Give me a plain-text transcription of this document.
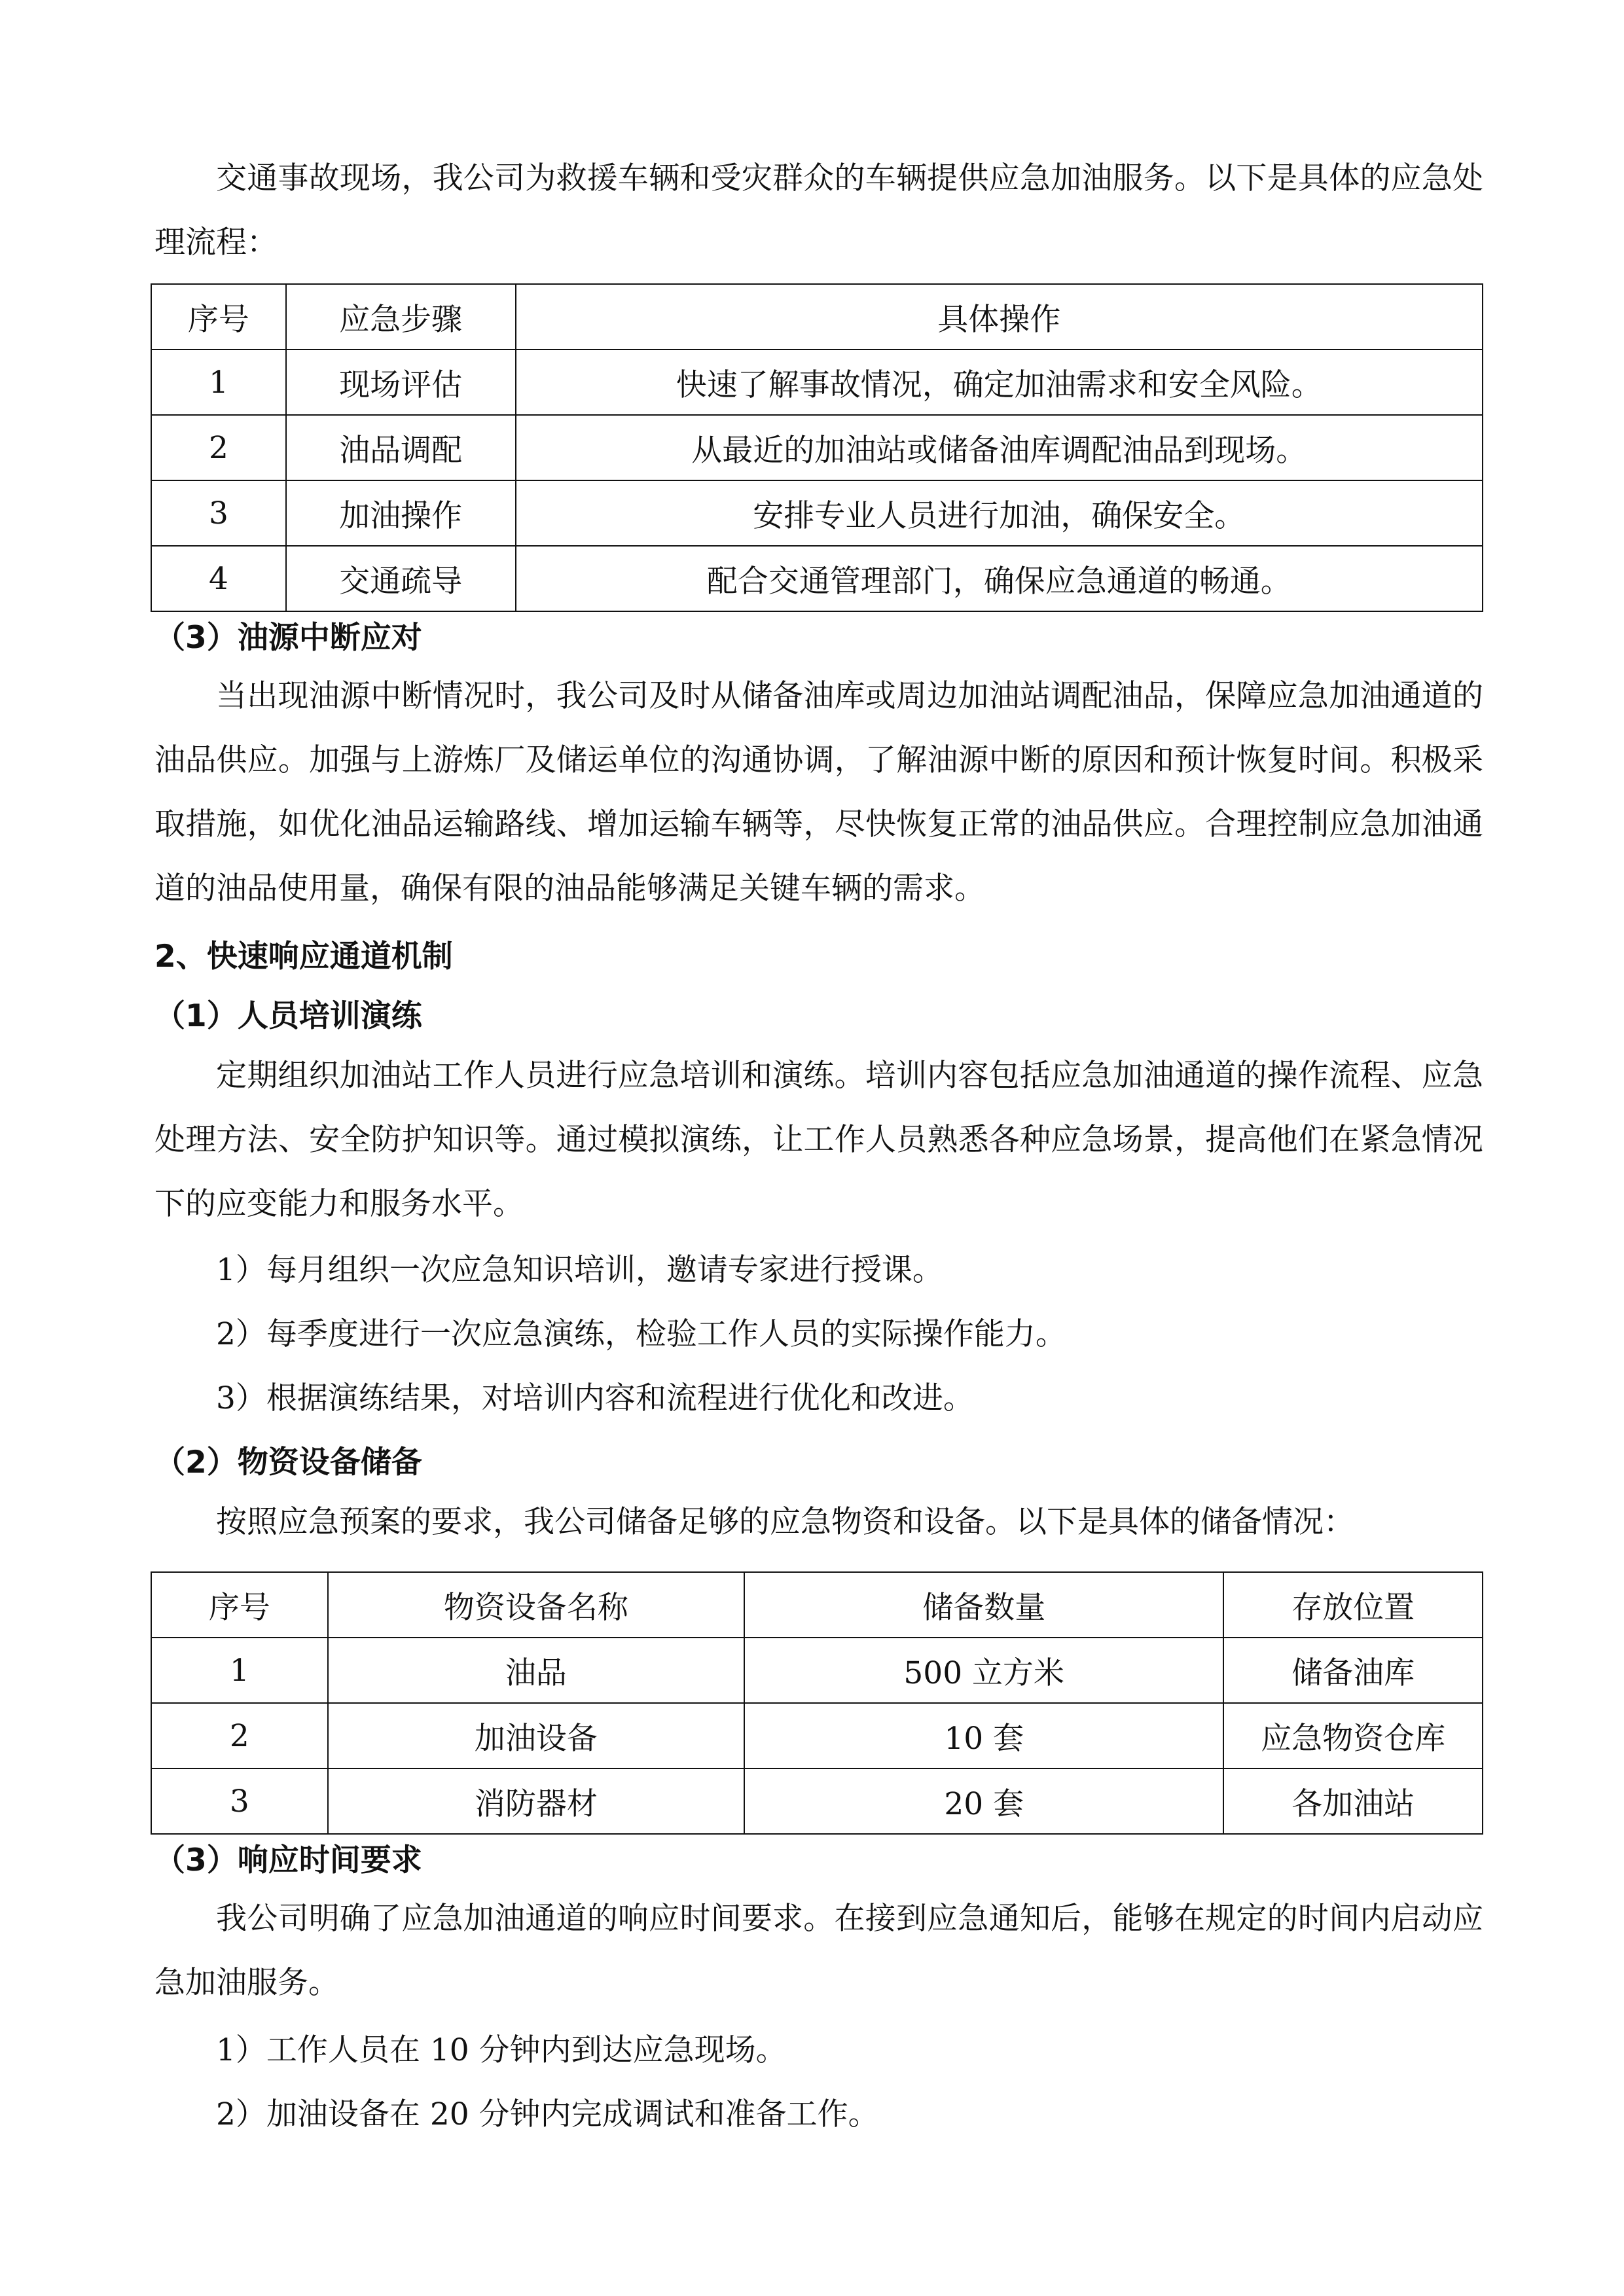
交通事故现场，我公司为救援车辆和受灾群众的车辆提供应急加油服务。以下是具体的应急处理流程：

序号	应急步骤	具体操作
1	现场评估	快速了解事故情况，确定加油需求和安全风险。
2	油品调配	从最近的加油站或储备油库调配油品到现场。
3	加油操作	安排专业人员进行加油，确保安全。
4	交通疏导	配合交通管理部门，确保应急通道的畅通。

（3）油源中断应对

当出现油源中断情况时，我公司及时从储备油库或周边加油站调配油品，保障应急加油通道的油品供应。加强与上游炼厂及储运单位的沟通协调，了解油源中断的原因和预计恢复时间。积极采取措施，如优化油品运输路线、增加运输车辆等，尽快恢复正常的油品供应。合理控制应急加油通道的油品使用量，确保有限的油品能够满足关键车辆的需求。

2、快速响应通道机制

（1）人员培训演练

定期组织加油站工作人员进行应急培训和演练。培训内容包括应急加油通道的操作流程、应急处理方法、安全防护知识等。通过模拟演练，让工作人员熟悉各种应急场景，提高他们在紧急情况下的应变能力和服务水平。

1）每月组织一次应急知识培训，邀请专家进行授课。

2）每季度进行一次应急演练，检验工作人员的实际操作能力。

3）根据演练结果，对培训内容和流程进行优化和改进。

（2）物资设备储备

按照应急预案的要求，我公司储备足够的应急物资和设备。以下是具体的储备情况：

序号	物资设备名称	储备数量	存放位置
1	油品	500 立方米	储备油库
2	加油设备	10 套	应急物资仓库
3	消防器材	20 套	各加油站

（3）响应时间要求

我公司明确了应急加油通道的响应时间要求。在接到应急通知后，能够在规定的时间内启动应急加油服务。

1）工作人员在 10 分钟内到达应急现场。

2）加油设备在 20 分钟内完成调试和准备工作。
